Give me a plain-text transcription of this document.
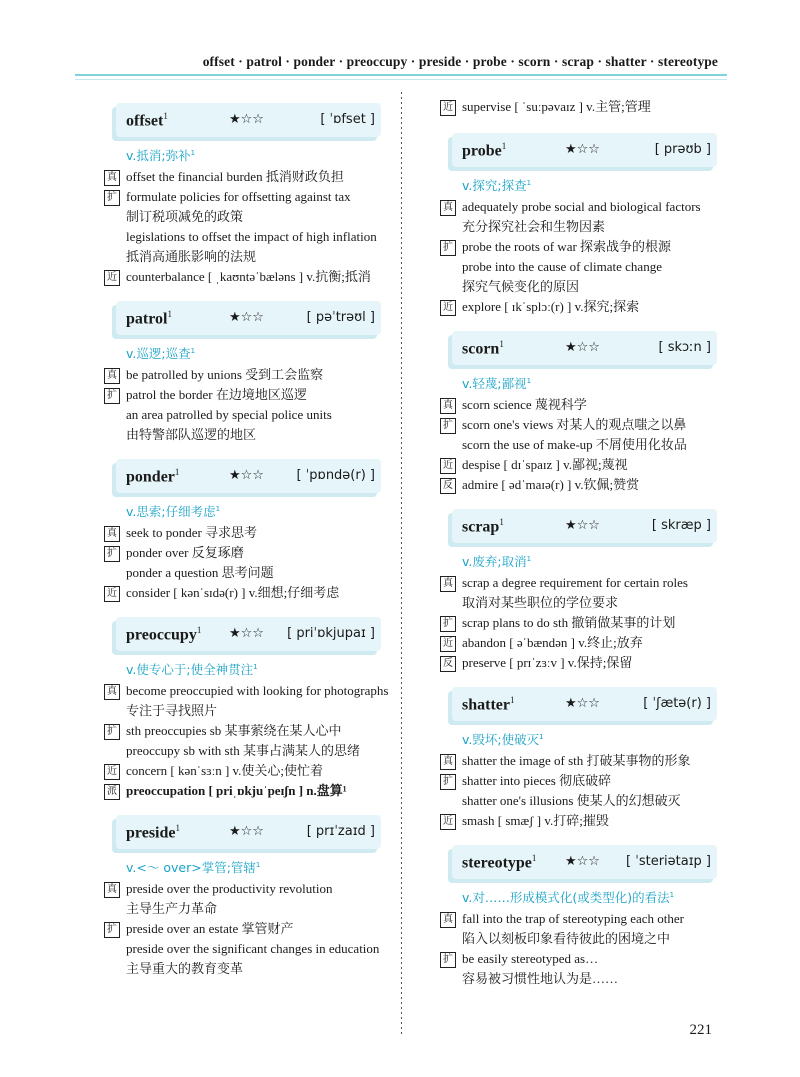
offset · patrol · ponder · preoccupy · preside · probe · scorn · scrap · shatter · stereotype
offset$^1$	★☆☆	[ ˈɒfset ]
v.抵消;弥补$^1$
真 offset the financial burden 抵消财政负担
扩 formulate policies for offsetting against tax
制订税项减免的政策
legislations to offset the impact of high inflation
抵消高通胀影响的法规
近 counterbalance [ ˌkaʊntəˈbæləns ] v.抗衡;抵消
patrol$^1$	★☆☆	[ pəˈtrəʊl ]
v.巡逻;巡查$^1$
真 be patrolled by unions 受到工会监察
扩 patrol the border 在边境地区巡逻
an area patrolled by special police units
由特警部队巡逻的地区
ponder$^1$	★☆☆	[ ˈpɒndə(r) ]
v.思索;仔细考虑$^1$
真 seek to ponder 寻求思考
扩 ponder over 反复琢磨
ponder a question 思考问题
近 consider [ kənˈsɪdə(r) ] v.细想;仔细考虑
preoccupy$^1$ ★☆☆ [ priˈɒkjupaɪ ]
v.使专心于;使全神贯注$^1$
真 become preoccupied with looking for photographs
专注于寻找照片
扩 sth preoccupies sb 某事萦绕在某人心中
preoccupy sb with sth 某事占满某人的思绪
近 concern [ kənˈsɜːn ] v.使关心;使忙着
派 preoccupation [ priˌɒkjuˈpeɪʃn ] n.盘算¹
preside$^1$	★☆☆	[ prɪˈzaɪd ]
v.<～ over>掌管;管辖$^1$
真 preside over the productivity revolution
主导生产力革命
扩 preside over an estate 掌管财产
preside over the significant changes in education
主导重大的教育变革
近 supervise [ ˈsuːpəvaɪz ] v.主管;管理
probe$^1$	★☆☆	[ prəʊb ]
v.探究;探查$^1$
真 adequately probe social and biological factors
充分探究社会和生物因素
扩 probe the roots of war 探索战争的根源
probe into the cause of climate change
探究气候变化的原因
近 explore [ ɪkˈsplɔː(r) ] v.探究;探索
scorn$^1$	★☆☆	[ skɔːn ]
v.轻蔑;鄙视$^1$
真 scorn science 蔑视科学
扩 scorn one's views 对某人的观点嗤之以鼻
scorn the use of make-up 不屑使用化妆品
近 despise [ dɪˈspaɪz ] v.鄙视;蔑视
反 admire [ ədˈmaɪə(r) ] v.钦佩;赞赏
scrap$^1$	★☆☆	[ skræp ]
v.废弃;取消$^1$
真 scrap a degree requirement for certain roles
取消对某些职位的学位要求
扩 scrap plans to do sth 撤销做某事的计划
近 abandon [ əˈbændən ] v.终止;放弃
反 preserve [ prɪˈzɜːv ] v.保持;保留
shatter$^1$	★☆☆	[ ˈʃætə(r) ]
v.毁坏;使破灭$^1$
真 shatter the image of sth 打破某事物的形象
扩 shatter into pieces 彻底破碎
shatter one's illusions 使某人的幻想破灭
近 smash [ smæʃ ] v.打碎;摧毁
stereotype$^1$ ★☆☆ [ ˈsteriətaɪp ]
v.对……形成模式化(或类型化)的看法$^1$
真 fall into the trap of stereotyping each other
陷入以刻板印象看待彼此的困境之中
扩 be easily stereotyped as…
容易被习惯性地认为是……
221
